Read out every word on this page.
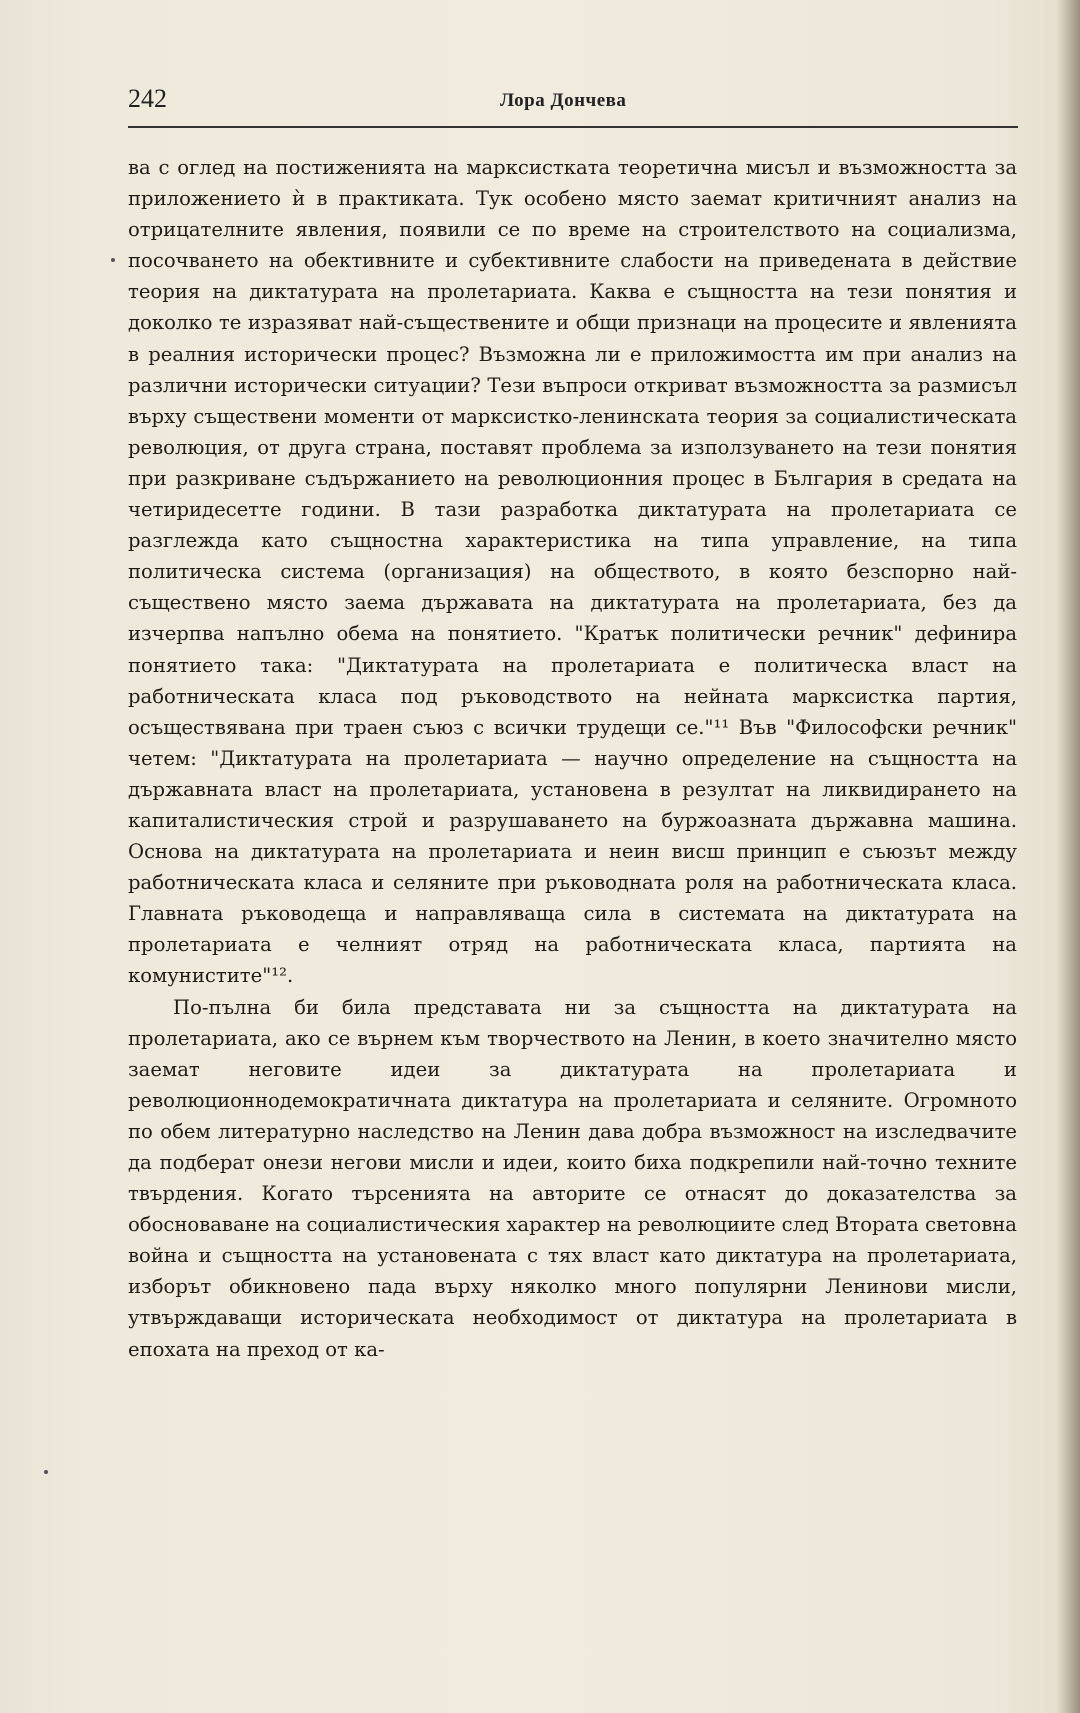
242	Лора Дончева

ва с оглед на постиженията на марксистката теоретична мисъл и възможността за приложението ѝ в практиката. Тук особено място заемат критичният анализ на отрицателните явления, появили се по време на строителството на социализма, посочването на обективните и субективните слабости на приведената в действие теория на диктатурата на пролетариата. Каква е същността на тези понятия и доколко те изразяват най-съществените и общи признаци на процесите и явленията в реалния исторически процес? Възможна ли е приложимостта им при анализ на различни исторически ситуации? Тези въпроси откриват възможността за размисъл върху съществени моменти от марксистко-ленинската теория за социалистическата революция, от друга страна, поставят проблема за използуването на тези понятия при разкриване съдържанието на революционния процес в България в средата на четиридесетте години. В тази разработка диктатурата на пролетариата се разглежда като същностна характеристика на типа управление, на типа политическа система (организация) на обществото, в която безспорно най-съществено място заема държавата на диктатурата на пролетариата, без да изчерпва напълно обема на понятието. "Кратък политически речник" дефинира понятието така: "Диктатурата на пролетариата е политическа власт на работническата класа под ръководството на нейната марксистка партия, осъществявана при траен съюз с всички трудещи се."¹¹ Във "Философски речник" четем: "Диктатурата на пролетариата — научно определение на същността на държавната власт на пролетариата, установена в резултат на ликвидирането на капиталистическия строй и разрушаването на буржоазната държавна машина. Основа на диктатурата на пролетариата и неин висш принцип е съюзът между работническата класа и селяните при ръководната роля на работническата класа. Главната ръководеща и направляваща сила в системата на диктатурата на пролетариата е челният отряд на работническата класа, партията на комунистите"¹².

По-пълна би била представата ни за същността на диктатурата на пролетариата, ако се върнем към творчеството на Ленин, в което значително място заемат неговите идеи за диктатурата на пролетариата и революционнодемократичната диктатура на пролетариата и селяните. Огромното по обем литературно наследство на Ленин дава добра възможност на изследвачите да подберат онези негови мисли и идеи, които биха подкрепили най-точно техните твърдения. Когато търсенията на авторите се отнасят до доказателства за обосноваване на социалистическия характер на революциите след Втората световна война и същността на установената с тях власт като диктатура на пролетариата, изборът обикновено пада върху няколко много популярни Ленинови мисли, утвърждаващи историческата необходимост от диктатура на пролетариата в епохата на преход от ка-
